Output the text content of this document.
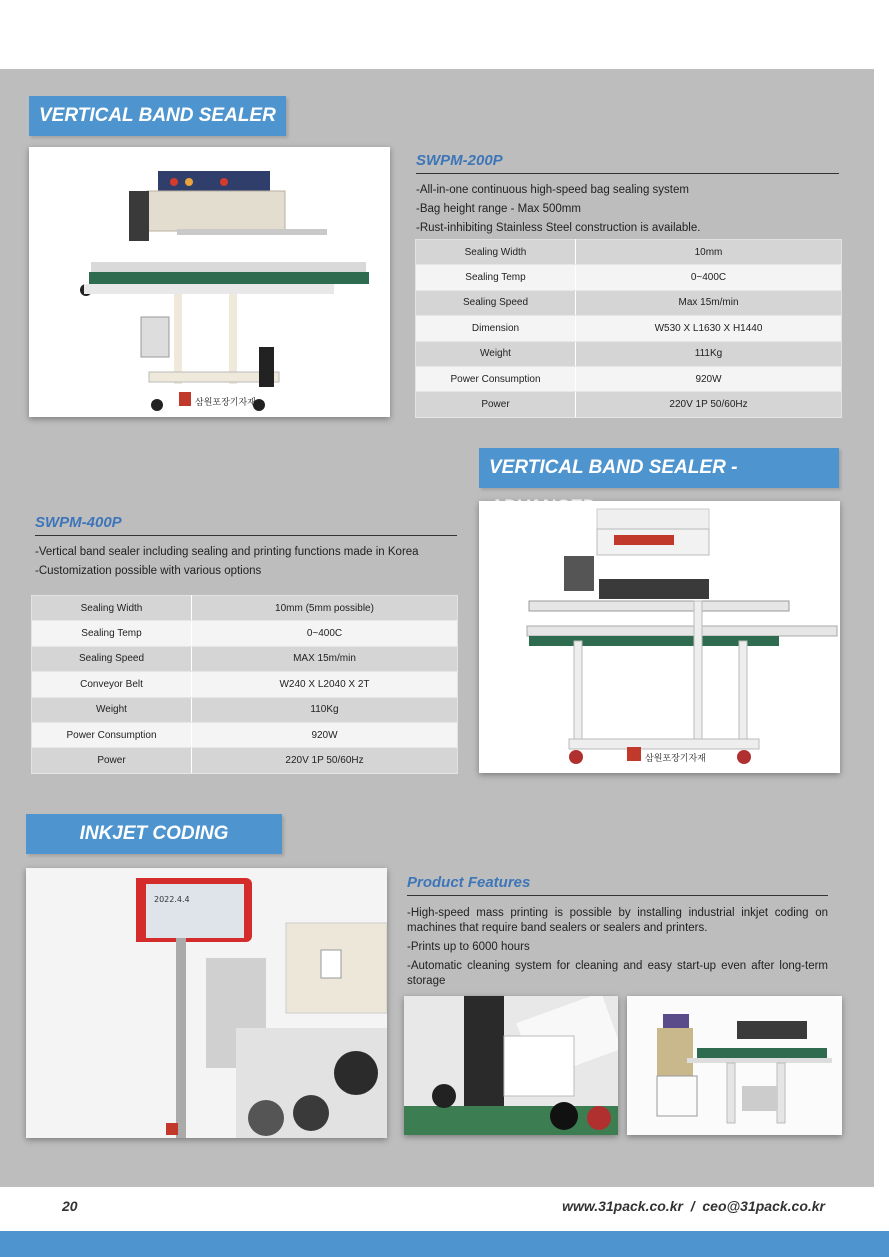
VERTICAL BAND SEALER
삼원포장기자재
SWPM-200P

-All-in-one continuous high-speed bag sealing system

-Bag height range - Max 500mm

-Rust-inhibiting Stainless Steel construction is available.

Sealing Width	10mm
Sealing Temp	0~400C
Sealing Speed	Max 15m/min
Dimension	W530 X L1630 X H1440
Weight	111Kg
Power Consumption	920W
Power	220V 1P 50/60Hz
VERTICAL BAND SEALER -
SWPM-400P

-Vertical band sealer including sealing and printing functions made in Korea

-Customization possible with various options

Sealing Width	10mm (5mm possible)
Sealing Temp	0~400C
Sealing Speed	MAX 15m/min
Conveyor Belt	W240 X L2040 X 2T
Weight	110Kg
Power Consumption	920W
Power	220V 1P 50/60Hz	삼원포장기자재
INKJET CODING
2022.4.4
Product Features

-High-speed mass printing is possible by installing industrial inkjet coding on machines that require band sealers or sealers and printers.

-Prints up to 6000 hours

-Automatic cleaning system for cleaning and easy start-up even after long-term storage

20	www.31pack.co.kr  /  ceo@31pack.co.kr
